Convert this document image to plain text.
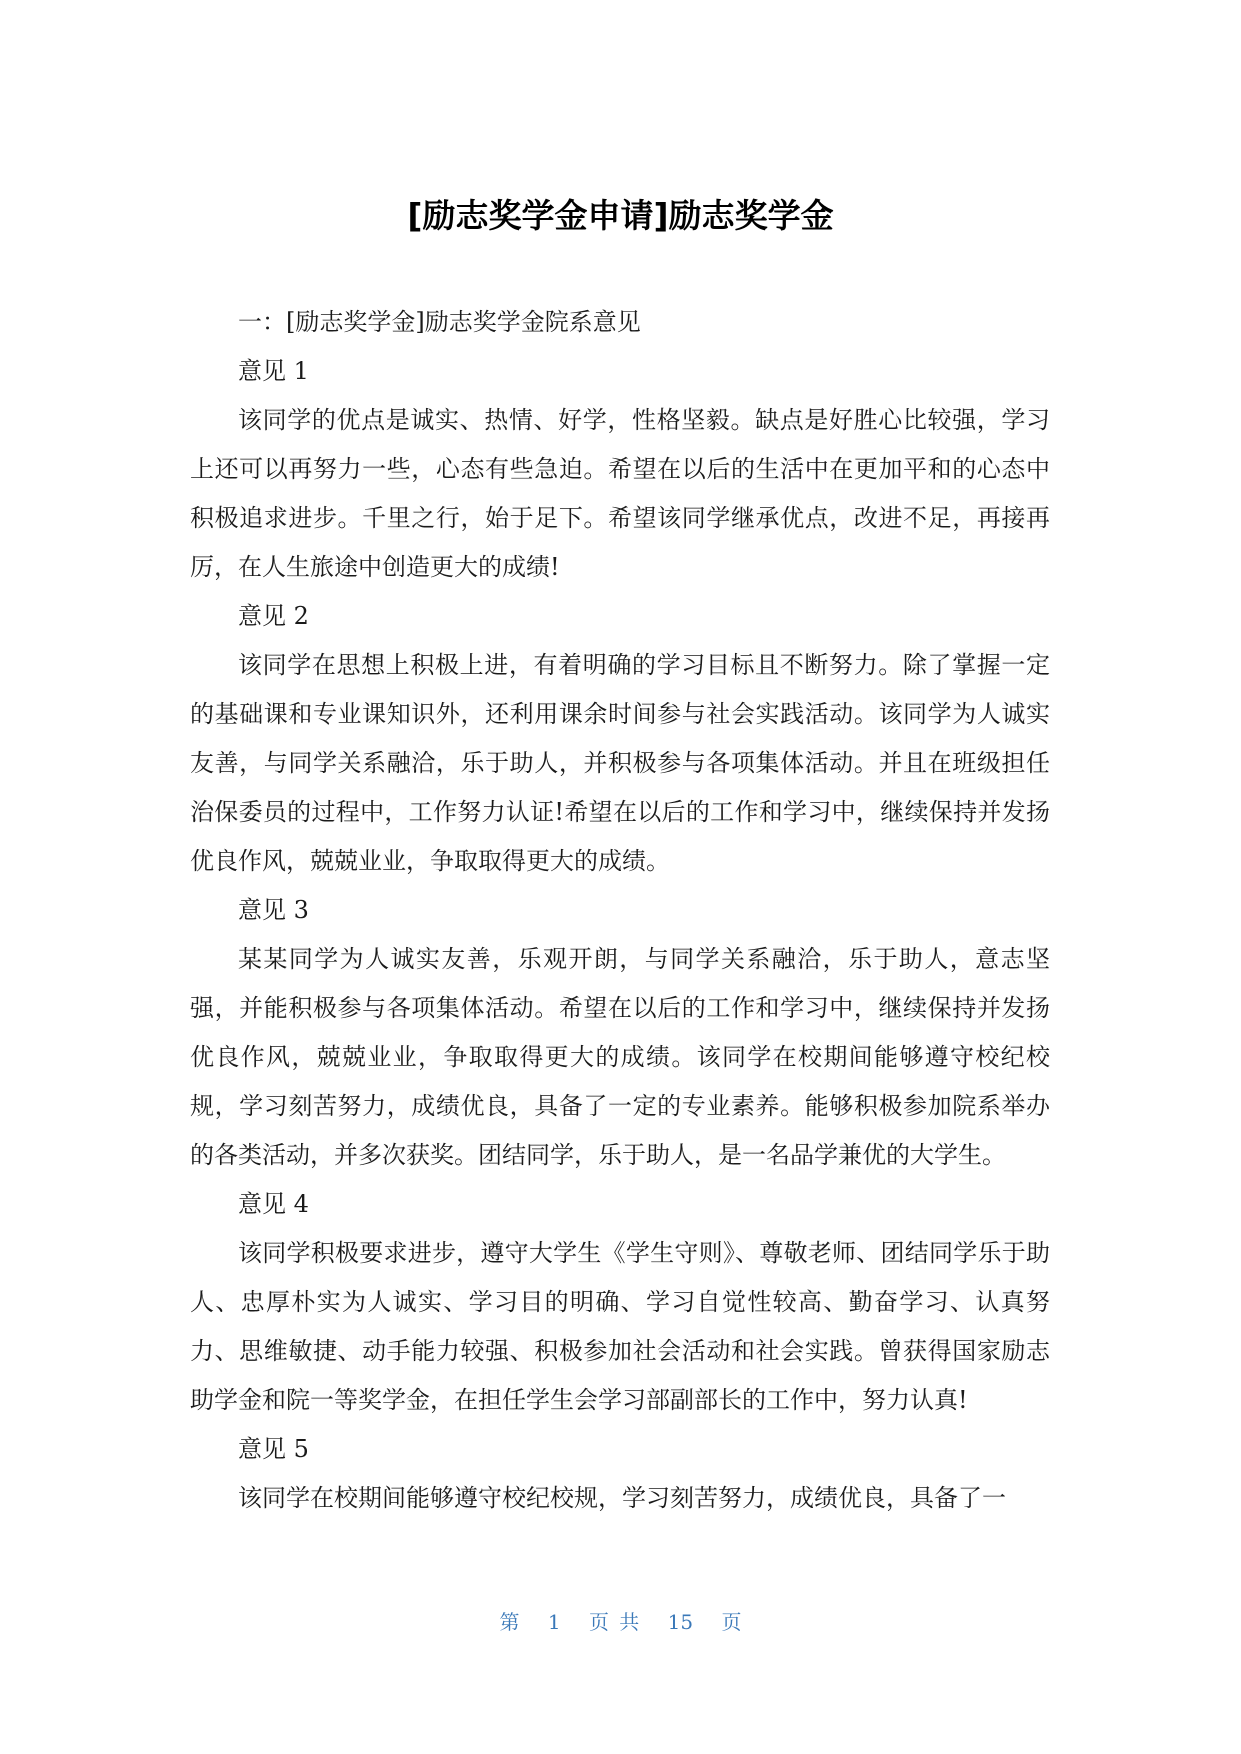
[励志奖学金申请]励志奖学金

一：[励志奖学金]励志奖学金院系意见

意见 1

该同学的优点是诚实、热情、好学，性格坚毅。缺点是好胜心比较强，学习上还可以再努力一些，心态有些急迫。希望在以后的生活中在更加平和的心态中积极追求进步。千里之行，始于足下。希望该同学继承优点，改进不足，再接再厉，在人生旅途中创造更大的成绩!

意见 2

该同学在思想上积极上进，有着明确的学习目标且不断努力。除了掌握一定的基础课和专业课知识外，还利用课余时间参与社会实践活动。该同学为人诚实友善，与同学关系融洽，乐于助人，并积极参与各项集体活动。并且在班级担任治保委员的过程中，工作努力认证!希望在以后的工作和学习中，继续保持并发扬优良作风，兢兢业业，争取取得更大的成绩。

意见 3

某某同学为人诚实友善，乐观开朗，与同学关系融洽，乐于助人，意志坚强，并能积极参与各项集体活动。希望在以后的工作和学习中，继续保持并发扬优良作风，兢兢业业，争取取得更大的成绩。该同学在校期间能够遵守校纪校规，学习刻苦努力，成绩优良，具备了一定的专业素养。能够积极参加院系举办的各类活动，并多次获奖。团结同学，乐于助人，是一名品学兼优的大学生。

意见 4

该同学积极要求进步，遵守大学生《学生守则》、尊敬老师、团结同学乐于助人、忠厚朴实为人诚实、学习目的明确、学习自觉性较高、勤奋学习、认真努力、思维敏捷、动手能力较强、积极参加社会活动和社会实践。曾获得国家励志助学金和院一等奖学金，在担任学生会学习部副部长的工作中，努力认真!

意见 5

该同学在校期间能够遵守校纪校规，学习刻苦努力，成绩优良，具备了一

第 1 页 共 15 页
